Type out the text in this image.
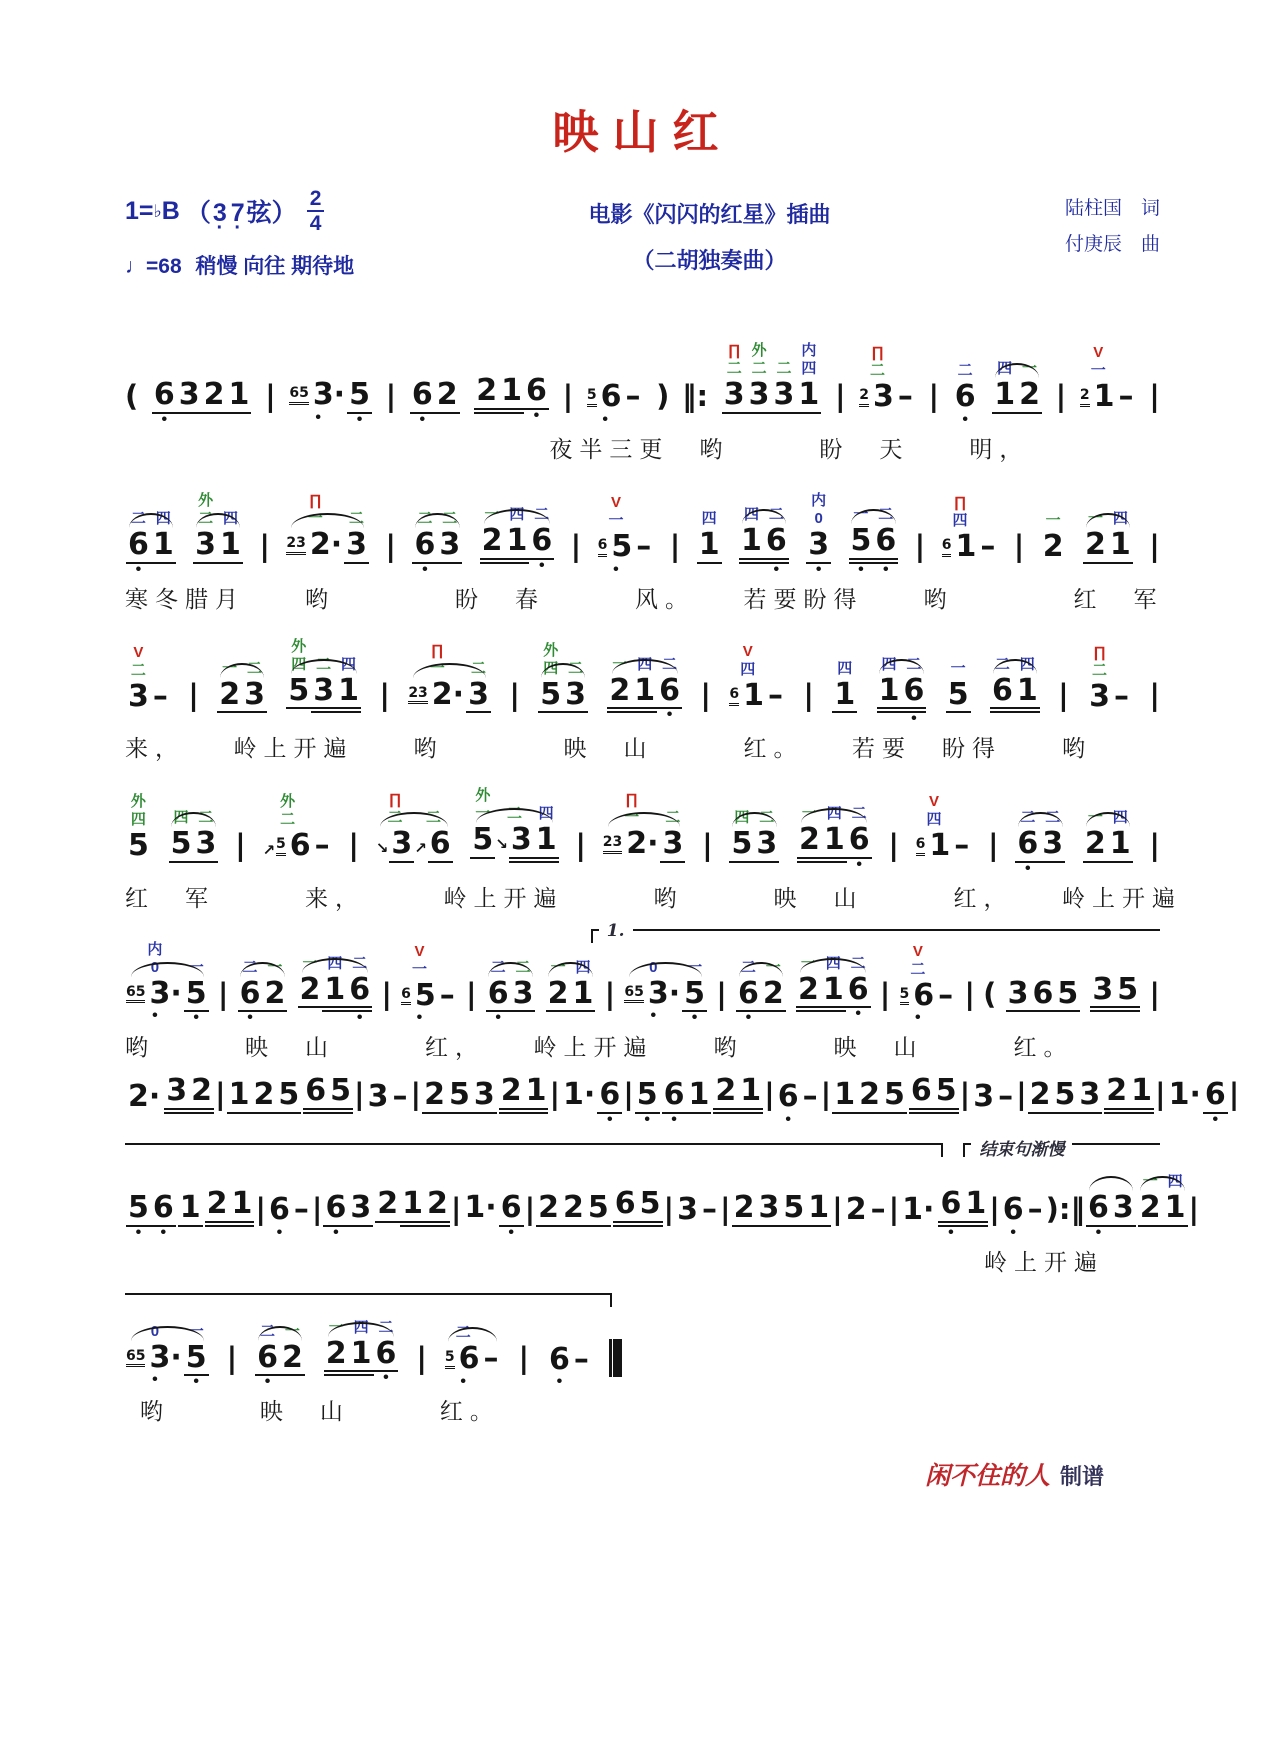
映山红
1= ♭ B （3 · 7 ·弦） $\frac{2}{4}$
♩=68 稍慢 向往 期待地
电影《闪闪的红星》插曲
（二胡独奏曲）
陆柱国　词
付庚辰　曲
( 6
•
3
2
1
| 65 3·
•
5
•
| 6
•
2
2
1
6
•
| 5 6
•
–
) ‖:
∏
二
3

外
二
3

二
3

内
四
1
|
∏
二
2 3
–
|
二
6
•
四
1

一
2
|
V
一
2 1
–
|
夜半三更　哟　　　盼　天　　明，
二
6
•
四
1

外
二
3

四
1
|
∏
一
23 2·

二
3
|
二
6
•
二
3

一
2

四
1

二
6
•
|
V
一
6 5
•
–
|
四
1

四
1

二
6
•
内
0
3
•
一
5
•
二
6
•
|
∏
四
6 1
–
|
一
2

一
2

四
1
|
寒冬腊月　　哟　　　　盼　春　　　风。　　若要盼得　　哟　　　　红　军
V
二
3
–
|
一
2

二
3

外
四
5

二
3

四
1
|
∏
一
23 2·

二
3
|
外
四
5

二
3

一
2

四
1

二
6
•
|
V
四
6 1
–
|
四
1

四
1

二
6
•
一
5

二
6

四
1
|
∏
二
3
–
|
来，　　岭上开遍　　哟　　　　映　山　　　红。　　若要　盼得　　哟
外
四
5

四
5

二
3
|
外
二
↗ 5 6
–
|
∏
二
↘ 3

二
↗ 6

外
一
5

二
↘ 3

四
1
|
∏
一
23 2·

二
3
|
四
5

二
3

一
2

四
1

二
6
•
|
V
四
6 1
–
|
二
6
•
二
3

一
2

四
1
|
红　军　　　来，　　　岭上开遍　　　哟　　　映　山　　　红，　　岭上开遍
1.
内
0
65 3·
•
一
5
•
|
二
6
•
一
2

一
2

四
1

二
6
•
|
V
一
6 5
•
–
|
二
6
•
二
3

一
2

四
1
|
0
65 3·
•
一
5
•
|
二
6
•
一
2

一
2

四
1

二
6
•
|
V
二
5 6
•
–
| ( 3
6
5
3
5
|
哟　　　映　山　　　红，　　岭上开遍　　哟　　　映　山　　　红。
2·
3
2
| 1
2
5
6
5
| 3
–
| 2
5
3
2
1
| 1·
6
•
| 5
•
6
•
1
2
1
| 6
•
–
| 1
2
5
6
5
| 3
–
| 2
5
3
2
1
| 1·
6
•
|
结束句渐慢
5
•
6
•
1
2
1
| 6
•
–
| 6
•
3
2
1
2
| 1·
6
•
| 2
2
5
6
5
| 3
–
| 2
3
5
1
| 2
–
| 1·
6
•
1
| 6
•
–
):‖ 6
•
3

一
2

四
1
|
岭上开遍
0
65 3·
•
一
5
•
|
二
6
•
一
2

一
2

四
1

二
6
•
|
二
5 6
•
–
| 6
•
–

哟　　　映　山　　　红。
闲不住的人 制谱
